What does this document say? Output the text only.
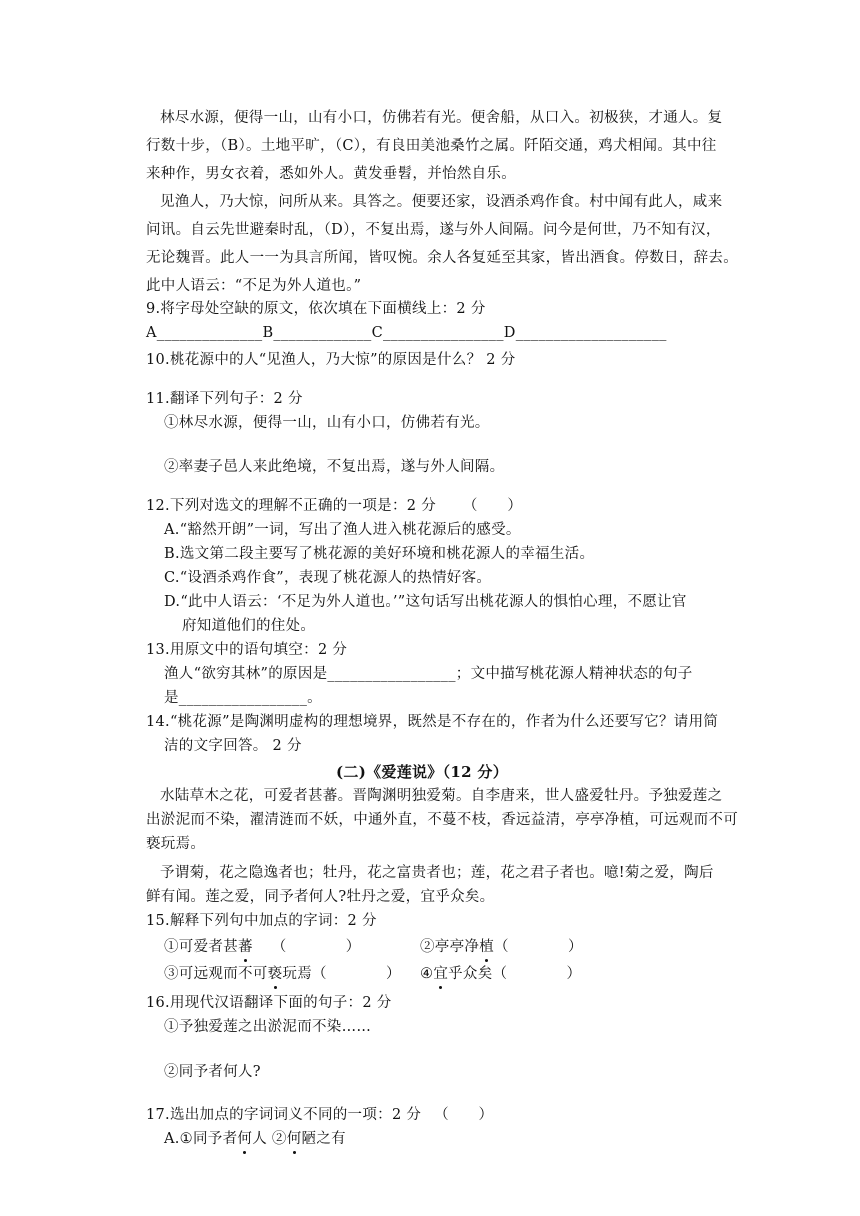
林尽水源，便得一山，山有小口，仿佛若有光。便舍船，从口入。初极狭，才通人。复
行数十步，（B）。土地平旷，（C），有良田美池桑竹之属。阡陌交通，鸡犬相闻。其中往
来种作，男女衣着，悉如外人。黄发垂髫，并怡然自乐。
见渔人，乃大惊，问所从来。具答之。便要还家，设酒杀鸡作食。村中闻有此人，咸来
问讯。自云先世避秦时乱，（D），不复出焉，遂与外人间隔。问今是何世，乃不知有汉，
无论魏晋。此人一一为具言所闻，皆叹惋。余人各复延至其家，皆出酒食。停数日，辞去。
此中人语云：“不足为外人道也。”
9.将字母处空缺的原文，依次填在下面横线上：2 分
A______________B_____________C________________D____________________
10.桃花源中的人“见渔人，乃大惊”的原因是什么？ 2 分
11.翻译下列句子：2 分
①林尽水源，便得一山，山有小口，仿佛若有光。
②率妻子邑人来此绝境，不复出焉，遂与外人间隔。
12.下列对选文的理解不正确的一项是：2 分 （　　）
A.“豁然开朗”一词，写出了渔人进入桃花源后的感受。
B.选文第二段主要写了桃花源的美好环境和桃花源人的幸福生活。
C.“设酒杀鸡作食”，表现了桃花源人的热情好客。
D.“此中人语云：‘不足为外人道也。’”这句话写出桃花源人的惧怕心理，不愿让官
府知道他们的住处。
13.用原文中的语句填空：2 分
渔人“欲穷其林”的原因是_________________；文中描写桃花源人精神状态的句子
是_________________。
14.“桃花源”是陶渊明虚构的理想境界，既然是不存在的，作者为什么还要写它？请用简
洁的文字回答。 2 分
(二)《爱莲说》（12 分）
水陆草木之花，可爱者甚蕃。晋陶渊明独爱菊。自李唐来，世人盛爱牡丹。予独爱莲之
出淤泥而不染，濯清涟而不妖，中通外直，不蔓不枝，香远益清，亭亭净植，可远观而不可
亵玩焉。
予谓菊，花之隐逸者也；牡丹，花之富贵者也；莲，花之君子者也。噫!菊之爱，陶后
鲜有闻。莲之爱，同予者何人?牡丹之爱，宜乎众矣。
15.解释下列句中加点的字词：2 分
①可爱者甚蕃 （　　　　）	②亭亭净植（　　　　）
③可远观而不可亵玩焉（　　　　） ④宜乎众矣（　　　　）
16.用现代汉语翻译下面的句子：2 分
①予独爱莲之出淤泥而不染……
②同予者何人?
17.选出加点的字词词义不同的一项：2 分 （　　）
A.①同予者何人 ②何陋之有
